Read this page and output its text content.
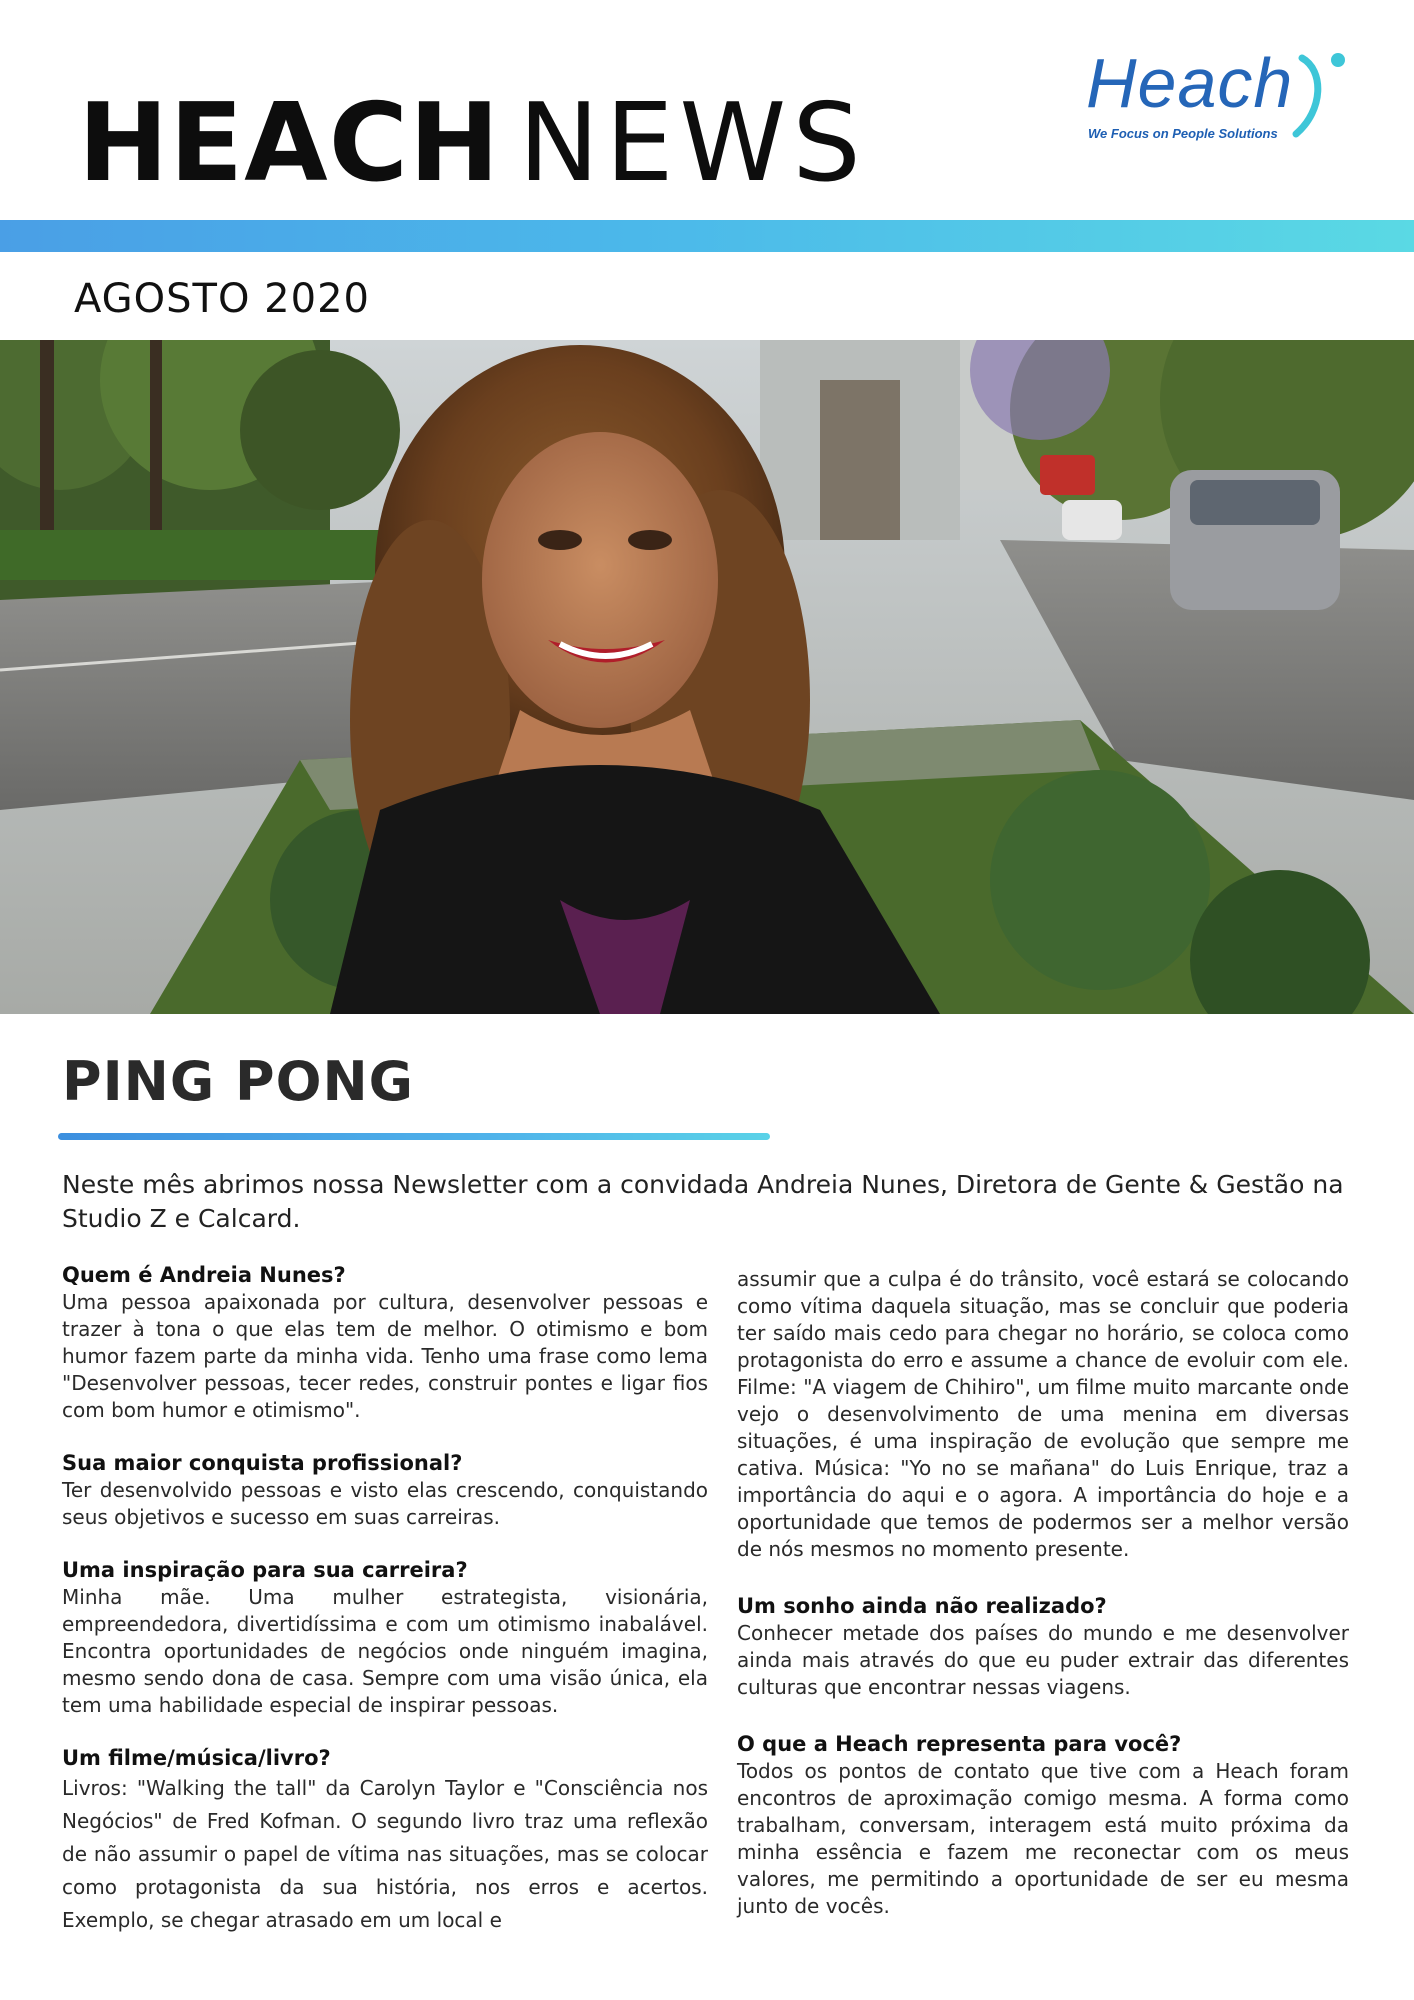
HEACH NEWS	Heach
We Focus on People Solutions
AGOSTO 2020
PING PONG

Neste mês abrimos nossa Newsletter com a convidada Andreia Nunes, Diretora de Gente & Gestão na Studio Z e Calcard.

Quem é Andreia Nunes?

Uma pessoa apaixonada por cultura, desenvolver pessoas e trazer à tona o que elas tem de melhor. O otimismo e bom humor fazem parte da minha vida. Tenho uma frase como lema "Desenvolver pessoas, tecer redes, construir pontes e ligar fios com bom humor e otimismo".

Sua maior conquista profissional?

Ter desenvolvido pessoas e visto elas crescendo, conquistando seus objetivos e sucesso em suas carreiras.

Uma inspiração para sua carreira?

Minha mãe. Uma mulher estrategista, visionária, empreendedora, divertidíssima e com um otimismo inabalável. Encontra oportunidades de negócios onde ninguém imagina, mesmo sendo dona de casa. Sempre com uma visão única, ela tem uma habilidade especial de inspirar pessoas.

Um filme/música/livro?

Livros: "Walking the tall" da Carolyn Taylor e "Consciência nos Negócios" de Fred Kofman. O segundo livro traz uma reflexão de não assumir o papel de vítima nas situações, mas se colocar como protagonista da sua história, nos erros e acertos. Exemplo, se chegar atrasado em um local e

assumir que a culpa é do trânsito, você estará se colocando como vítima daquela situação, mas se concluir que poderia ter saído mais cedo para chegar no horário, se coloca como protagonista do erro e assume a chance de evoluir com ele. Filme: "A viagem de Chihiro", um filme muito marcante onde vejo o desenvolvimento de uma menina em diversas situações, é uma inspiração de evolução que sempre me cativa. Música: "Yo no se mañana" do Luis Enrique, traz a importância do aqui e o agora. A importância do hoje e a oportunidade que temos de podermos ser a melhor versão de nós mesmos no momento presente.

Um sonho ainda não realizado?

Conhecer metade dos países do mundo e me desenvolver ainda mais através do que eu puder extrair das diferentes culturas que encontrar nessas viagens.

O que a Heach representa para você?

Todos os pontos de contato que tive com a Heach foram encontros de aproximação comigo mesma. A forma como trabalham, conversam, interagem está muito próxima da minha essência e fazem me reconectar com os meus valores, me permitindo a oportunidade de ser eu mesma junto de vocês.
